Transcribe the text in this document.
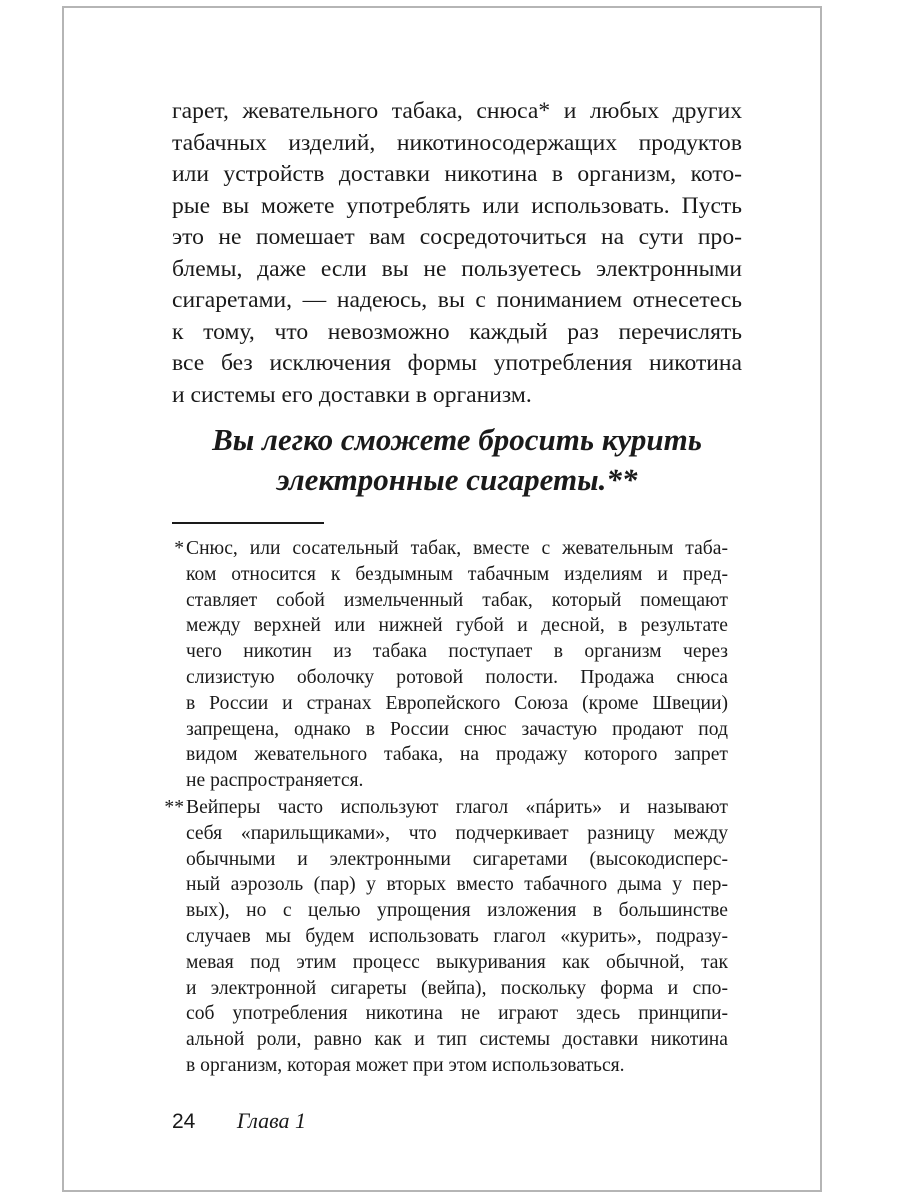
гарет, жевательного табака, снюса* и любых других
табачных изделий, никотиносодержащих продуктов
или устройств доставки никотина в организм, кото-
рые вы можете употреблять или использовать. Пусть
это не помешает вам сосредоточиться на сути про-
блемы, даже если вы не пользуетесь электронными
сигаретами, — надеюсь, вы с пониманием отнесетесь
к тому, что невозможно каждый раз перечислять
все без исключения формы употребления никотина
и системы его доставки в организм.
Вы легко сможете бросить курить
электронные сигареты.**
* Снюс, или сосательный табак, вместе с жевательным таба-
ком относится к бездымным табачным изделиям и пред-
ставляет собой измельченный табак, который помещают
между верхней или нижней губой и десной, в результате
чего никотин из табака поступает в организм через
слизистую оболочку ротовой полости. Продажа снюса
в России и странах Европейского Союза (кроме Швеции)
запрещена, однако в России снюс зачастую продают под
видом жевательного табака, на продажу которого запрет
не распространяется.
** Вейперы часто используют глагол «пáрить» и называют
себя «парильщиками», что подчеркивает разницу между
обычными и электронными сигаретами (высокодисперс-
ный аэрозоль (пар) у вторых вместо табачного дыма у пер-
вых), но с целью упрощения изложения в большинстве
случаев мы будем использовать глагол «курить», подразу-
мевая под этим процесс выкуривания как обычной, так
и электронной сигареты (вейпа), поскольку форма и спо-
соб употребления никотина не играют здесь принципи-
альной роли, равно как и тип системы доставки никотина
в организм, которая может при этом использоваться.
24 Глава 1
